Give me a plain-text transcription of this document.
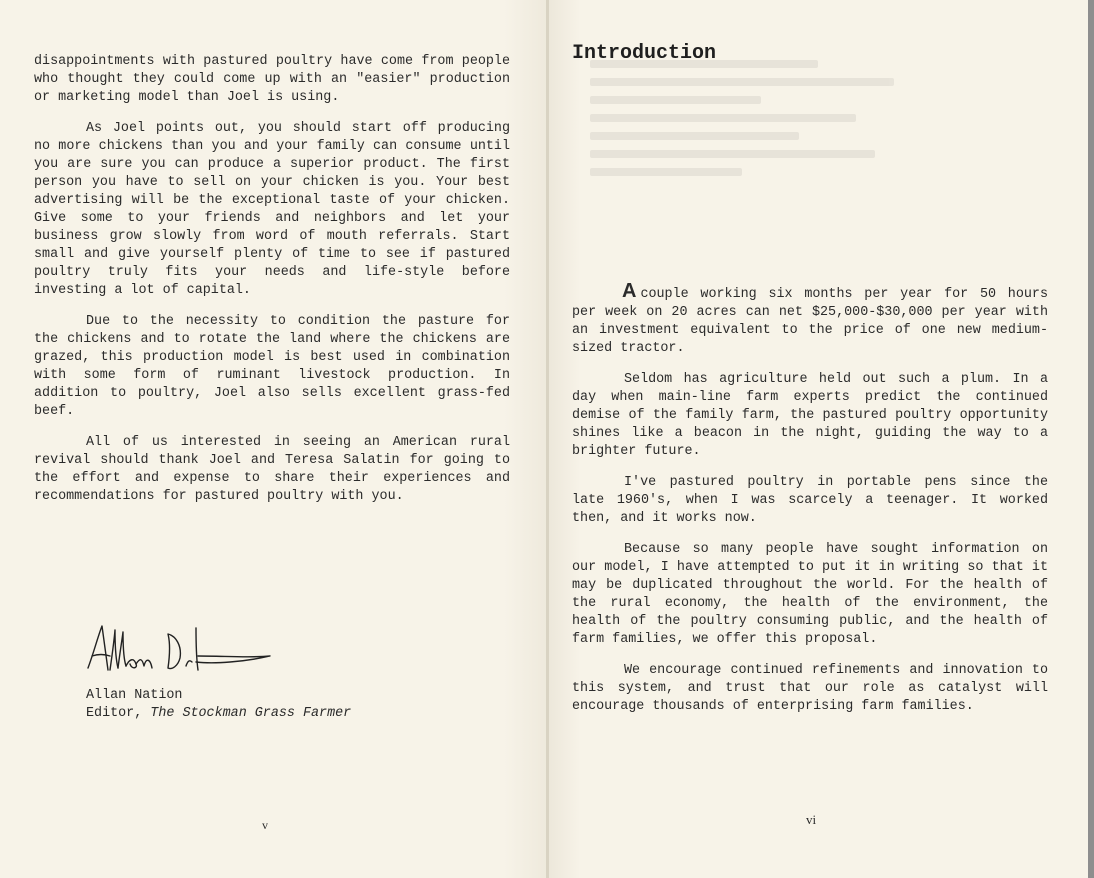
disappointments with pastured poultry have come from people who thought they could come up with an "easier" production or marketing model than Joel is using.

As Joel points out, you should start off producing no more chickens than you and your family can consume until you are sure you can produce a superior product. The first person you have to sell on your chicken is you. Your best advertising will be the exceptional taste of your chicken. Give some to your friends and neighbors and let your business grow slowly from word of mouth referrals. Start small and give yourself plenty of time to see if pastured poultry truly fits your needs and life-style before investing a lot of capital.

Due to the necessity to condition the pasture for the chickens and to rotate the land where the chickens are grazed, this production model is best used in combination with some form of ruminant livestock production. In addition to poultry, Joel also sells excellent grass-fed beef.

All of us interested in seeing an American rural revival should thank Joel and Teresa Salatin for going to the effort and expense to share their experiences and recommendations for pastured poultry with you.

Allan Nation
Editor, The Stockman Grass Farmer
v
Introduction

A couple working six months per year for 50 hours per week on 20 acres can net $25,000-$30,000 per year with an investment equivalent to the price of one new medium-sized tractor.

Seldom has agriculture held out such a plum. In a day when main-line farm experts predict the continued demise of the family farm, the pastured poultry opportunity shines like a beacon in the night, guiding the way to a brighter future.

I've pastured poultry in portable pens since the late 1960's, when I was scarcely a teenager. It worked then, and it works now.

Because so many people have sought information on our model, I have attempted to put it in writing so that it may be duplicated throughout the world. For the health of the rural economy, the health of the environment, the health of the poultry consuming public, and the health of farm families, we offer this proposal.

We encourage continued refinements and innovation to this system, and trust that our role as catalyst will encourage thousands of enterprising farm families.

vi
